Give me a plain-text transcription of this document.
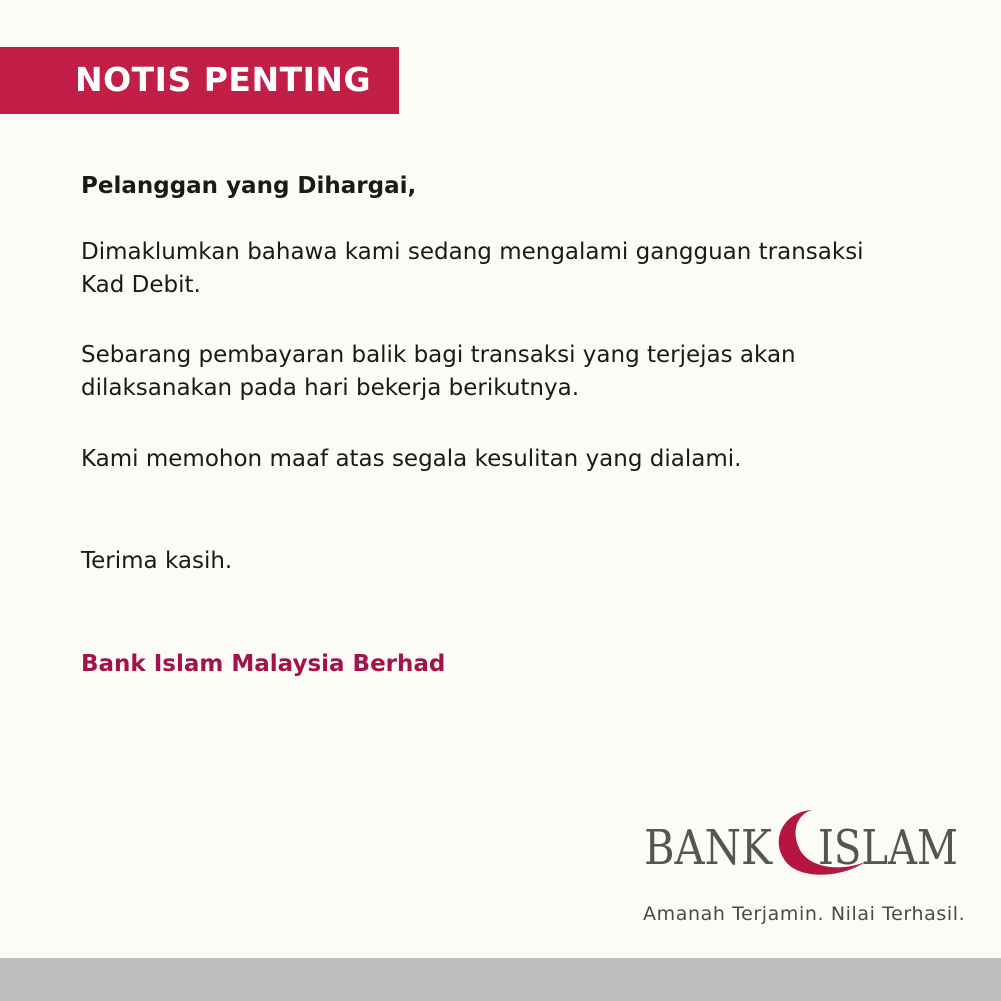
NOTIS PENTING
Pelanggan yang Dihargai,
Dimaklumkan bahawa kami sedang mengalami gangguan transaksi
Kad Debit.
Sebarang pembayaran balik bagi transaksi yang terjejas akan
dilaksanakan pada hari bekerja berikutnya.
Kami memohon maaf atas segala kesulitan yang dialami.
Terima kasih.
Bank Islam Malaysia Berhad
BANK ISLAM
Amanah Terjamin. Nilai Terhasil.
